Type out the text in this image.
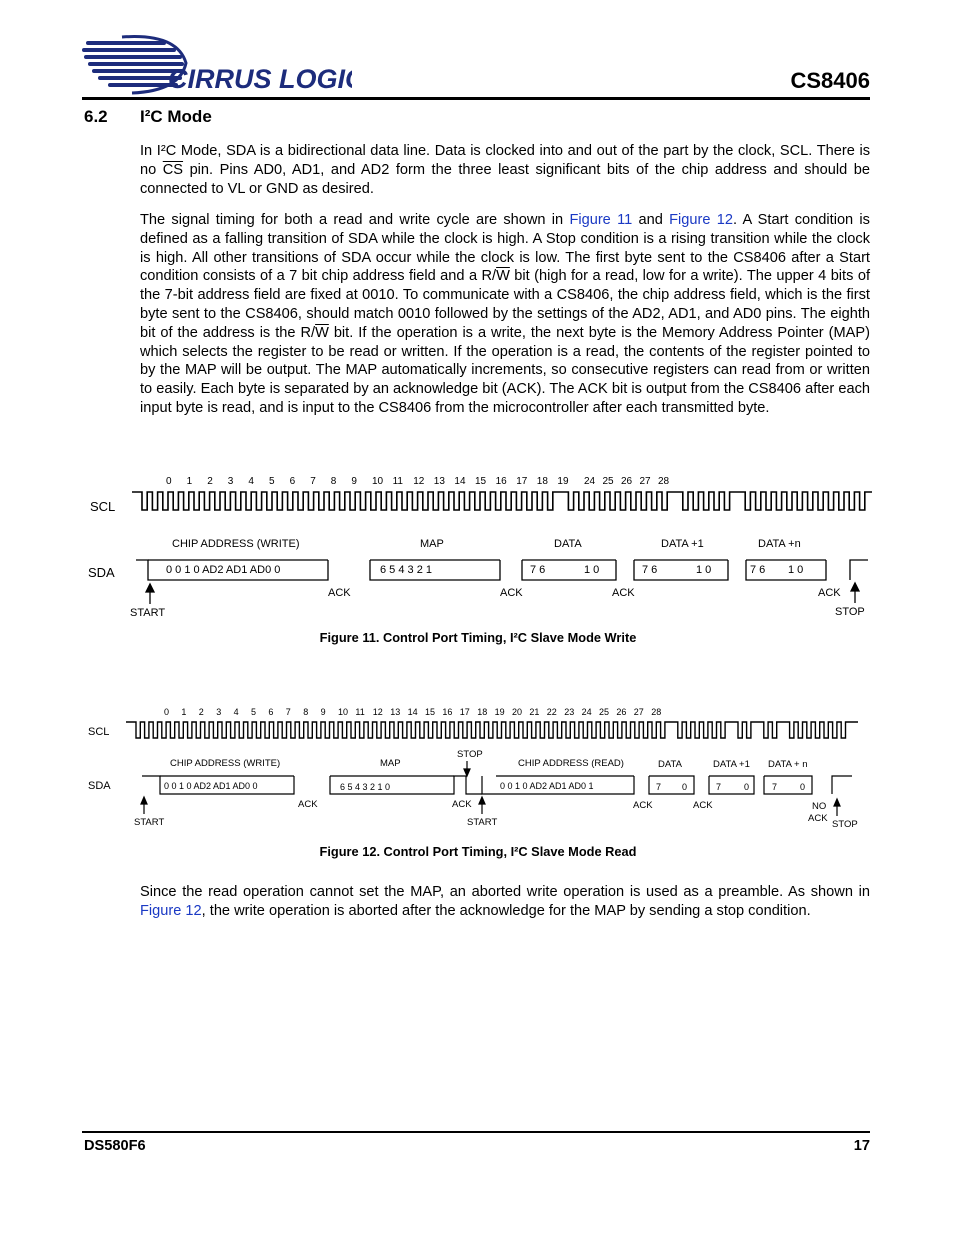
CIRRUS LOGIC	CS8406
6.2 I²C Mode
In I²C Mode, SDA is a bidirectional data line. Data is clocked into and out of the part by the clock, SCL. There is no $\overline{CS}$ pin. Pins AD0, AD1, and AD2 form the three least significant bits of the chip address and should be connected to VL or GND as desired.
The signal timing for both a read and write cycle are shown in Figure 11 and Figure 12. A Start condition is defined as a falling transition of SDA while the clock is high. A Stop condition is a rising transition while the clock is high. All other transitions of SDA occur while the clock is low. The first byte sent to the CS8406 after a Start condition consists of a 7 bit chip address field and a $R/\overline{W}$ bit (high for a read, low for a write). The upper 4 bits of the 7-bit address field are fixed at 0010. To communicate with a CS8406, the chip address field, which is the first byte sent to the CS8406, should match 0010 followed by the settings of the AD2, AD1, and AD0 pins. The eighth bit of the address is the $R/\overline{W}$ bit. If the operation is a write, the next byte is the Memory Address Pointer (MAP) which selects the register to be read or written. If the operation is a read, the contents of the register pointed to by the MAP will be output. The MAP automatically increments, so consecutive registers can read from or written to easily. Each byte is separated by an acknowledge bit (ACK). The ACK bit is output from the CS8406 after each input byte is read, and is input to the CS8406 from the microcontroller after each transmitted byte.
0 1 2 3 4 5 6 7 8 9 10 11 12 13 14 15 16 17 18 19 24 25 26 27 28
SCL
SDA
CHIP ADDRESS (WRITE)	MAP	DATA	DATA +1	DATA +n
0 0 1 0 AD2 AD1 AD0 0	6 5 4 3 2 1	7 6	1 0	7 6	1 0	7 6 1 0
ACK	ACK	ACK	ACK
START	STOP
Figure 11. Control Port Timing, I²C Slave Mode Write
0 1 2 3 4 5 6 7 8 9 10 11 12 13 14 15 16 17 18 19 20 21 22 23 24 25 26 27 28
SCL
SDA
CHIP ADDRESS (WRITE)	MAP
STOP
CHIP ADDRESS (READ)	DATA	DATA +1 DATA + n
0 0 1 0 AD2 AD1 AD0 0	6 5 4 3 2 1 0	0 0 1 0 AD2 AD1 AD0 1	7 0	7	0	7	0
ACK	ACK	ACK	ACK	NO
ACK
START	START	STOP
Figure 12. Control Port Timing, I²C Slave Mode Read
Since the read operation cannot set the MAP, an aborted write operation is used as a preamble. As shown in Figure 12, the write operation is aborted after the acknowledge for the MAP by sending a stop condition.
DS580F6	17
